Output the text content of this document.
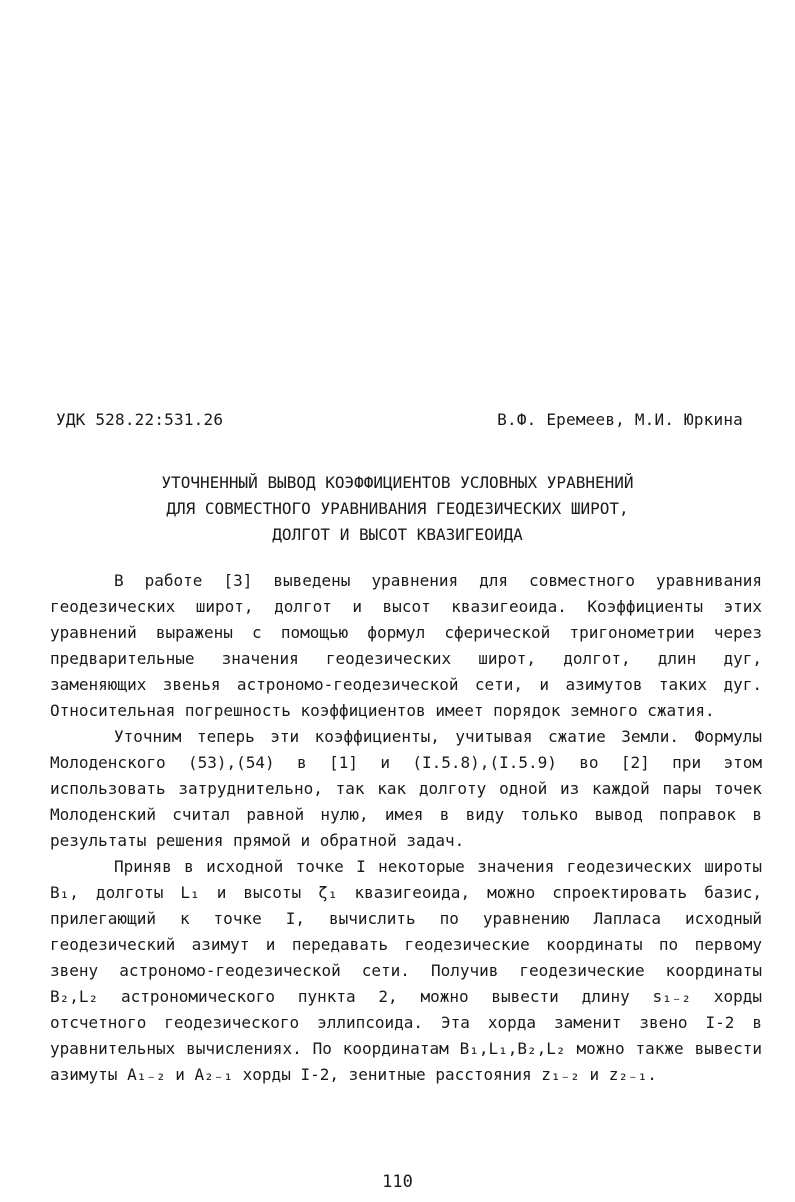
УДК 528.22:531.26	В.Ф. Еремеев, М.И. Юркина
УТОЧНЕННЫЙ ВЫВОД КОЭФФИЦИЕНТОВ УСЛОВНЫХ УРАВНЕНИЙ
ДЛЯ СОВМЕСТНОГО УРАВНИВАНИЯ ГЕОДЕЗИЧЕСКИХ ШИРОТ,
ДОЛГОТ И ВЫСОТ КВАЗИГЕОИДА

В работе [3] выведены уравнения для совместного уравнивания геодезических широт, долгот и высот квазигеоида. Коэффициенты этих уравнений выражены с помощью формул сферической тригонометрии через предварительные значения геодезических широт, долгот, длин дуг, заменяющих звенья астрономо-геодезической сети, и азимутов таких дуг. Относительная погрешность коэффициентов имеет порядок земного сжатия.

Уточним теперь эти коэффициенты, учитывая сжатие Земли. Формулы Молоденского (53),(54) в [1] и (I.5.8),(I.5.9) во [2] при этом использовать затруднительно, так как долготу одной из каждой пары точек Молоденский считал равной нулю, имея в виду только вывод поправок в результаты решения прямой и обратной задач.

Приняв в исходной точке I некоторые значения геодезических широты B₁, долготы L₁ и высоты ζ₁ квазигеоида, можно спроектировать базис, прилегающий к точке I, вычислить по уравнению Лапласа исходный геодезический азимут и передавать геодезические координаты по первому звену астрономо-геодезической сети. Получив геодезические координаты B₂,L₂ астрономического пункта 2, можно вывести длину s₁₋₂ хорды отсчетного геодезического эллипсоида. Эта хорда заменит звено I-2 в уравнительных вычислениях. По координатам B₁,L₁,B₂,L₂ можно также вывести азимуты A₁₋₂ и A₂₋₁ хорды I-2, зенитные расстояния z₁₋₂ и z₂₋₁.

110
